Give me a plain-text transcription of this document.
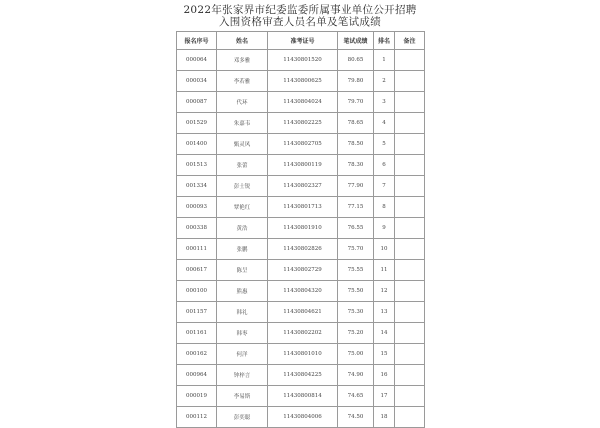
2022年张家界市纪委监委所属事业单位公开招聘
入围资格审查人员名单及笔试成绩
报名序号	姓名	准考证号	笔试成绩	排名	备注
000064	邓多雅	11430801520	80.65	1	
000034	李若雅	11430800625	79.80	2	
000087	代环	11430804024	79.70	3	
001529	朱嘉韦	11430802225	78.65	4	
001400	甄灵风	11430802705	78.50	5	
001513	张蕾	11430800119	78.30	6	
001334	彭士锐	11430802327	77.90	7	
000093	覃艳红	11430801713	77.15	8	
000338	黄浩	11430801910	76.55	9	
000111	张鹏	11430802826	75.70	10	
000617	陈呈	11430802729	75.55	11	
000100	熊惠	11430804320	75.50	12	
001157	韩礼	11430804621	75.30	13	
001161	韩枣	11430802202	75.20	14	
000162	何洋	11430801010	75.00	15	
000964	钟梓言	11430804225	74.90	16	
000019	李易斯	11430800814	74.65	17	
000112	彭奕聪	11430804006	74.50	18	
